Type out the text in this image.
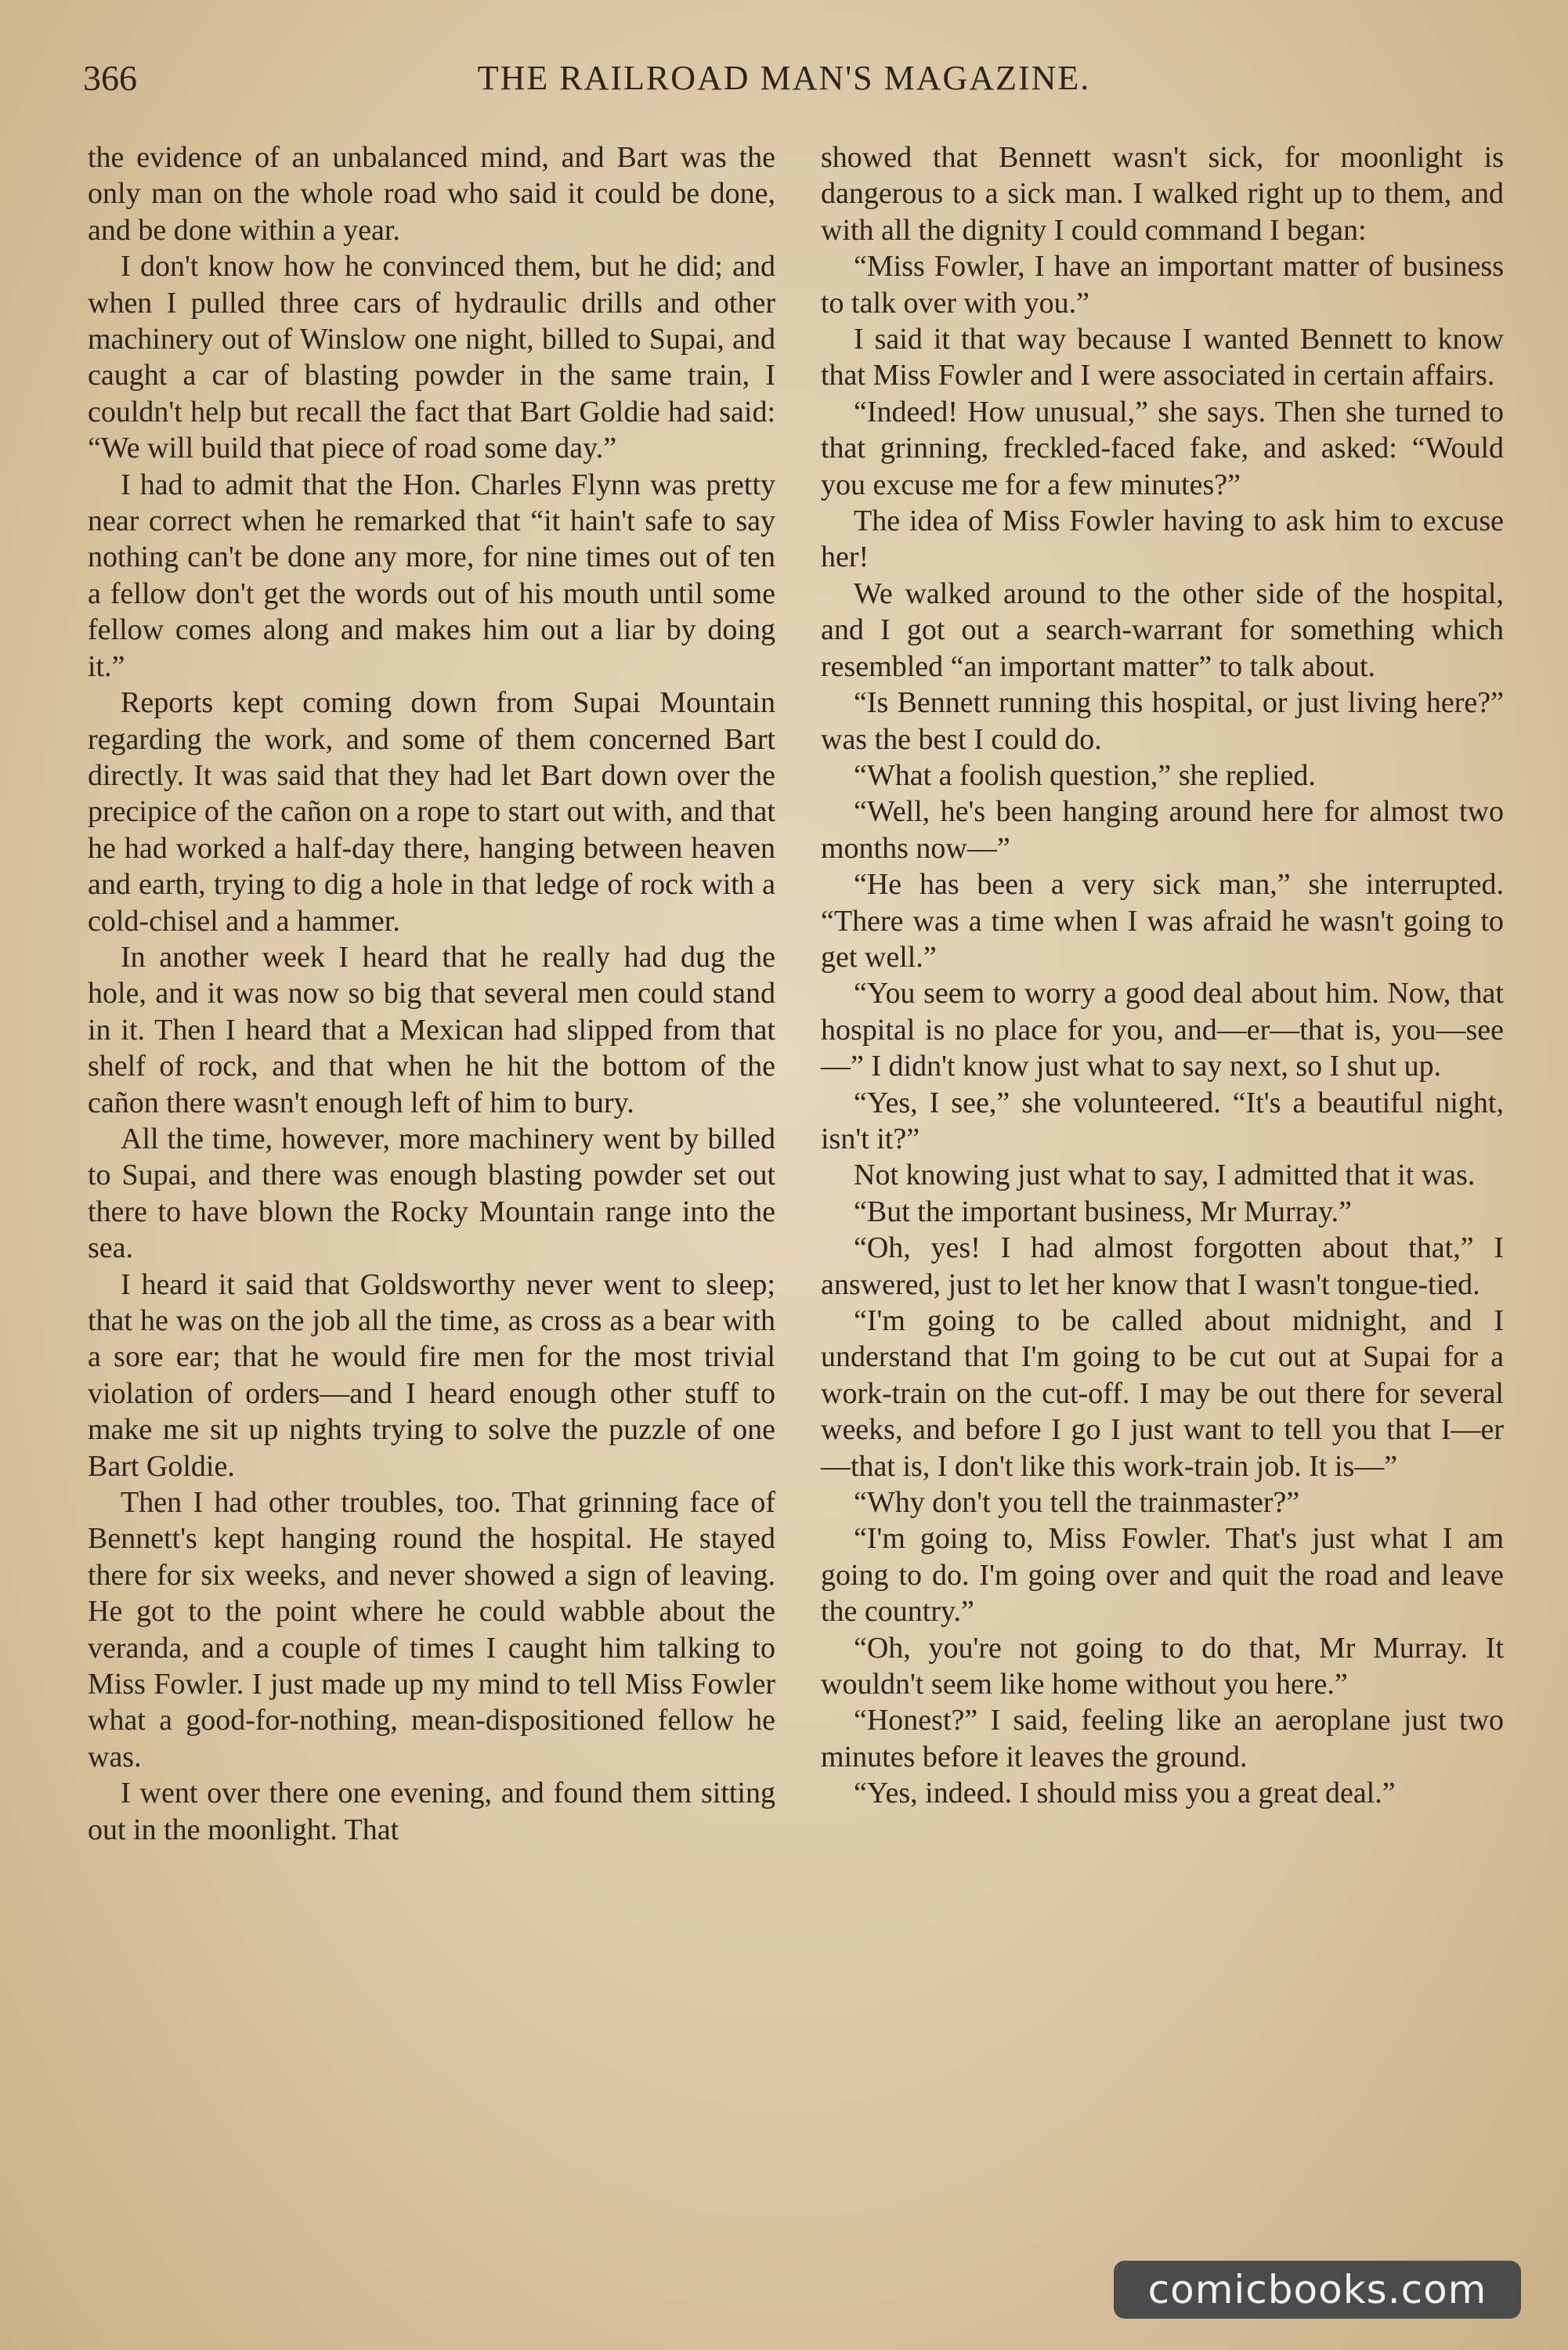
366	THE RAILROAD MAN'S MAGAZINE.

the evidence of an unbalanced mind, and Bart was the only man on the whole road who said it could be done, and be done within a year.

I don't know how he convinced them, but he did; and when I pulled three cars of hydraulic drills and other machinery out of Winslow one night, billed to Supai, and caught a car of blasting powder in the same train, I couldn't help but recall the fact that Bart Goldie had said: “We will build that piece of road some day.”

I had to admit that the Hon. Charles Flynn was pretty near correct when he remarked that “it hain't safe to say nothing can't be done any more, for nine times out of ten a fellow don't get the words out of his mouth until some fellow comes along and makes him out a liar by doing it.”

Reports kept coming down from Supai Mountain regarding the work, and some of them concerned Bart directly. It was said that they had let Bart down over the precipice of the cañon on a rope to start out with, and that he had worked a half-day there, hanging between heaven and earth, trying to dig a hole in that ledge of rock with a cold-chisel and a hammer.

In another week I heard that he really had dug the hole, and it was now so big that several men could stand in it. Then I heard that a Mexican had slipped from that shelf of rock, and that when he hit the bottom of the cañon there wasn't enough left of him to bury.

All the time, however, more machinery went by billed to Supai, and there was enough blasting powder set out there to have blown the Rocky Mountain range into the sea.

I heard it said that Goldsworthy never went to sleep; that he was on the job all the time, as cross as a bear with a sore ear; that he would fire men for the most trivial violation of orders—and I heard enough other stuff to make me sit up nights trying to solve the puzzle of one Bart Goldie.

Then I had other troubles, too. That grinning face of Bennett's kept hanging round the hospital. He stayed there for six weeks, and never showed a sign of leaving. He got to the point where he could wabble about the veranda, and a couple of times I caught him talking to Miss Fowler. I just made up my mind to tell Miss Fowler what a good-for-nothing, mean-dispositioned fellow he was.

I went over there one evening, and found them sitting out in the moonlight. That

showed that Bennett wasn't sick, for moonlight is dangerous to a sick man. I walked right up to them, and with all the dignity I could command I began:

“Miss Fowler, I have an important matter of business to talk over with you.”

I said it that way because I wanted Bennett to know that Miss Fowler and I were associated in certain affairs.

“Indeed! How unusual,” she says. Then she turned to that grinning, freckled-faced fake, and asked: “Would you excuse me for a few minutes?”

The idea of Miss Fowler having to ask him to excuse her!

We walked around to the other side of the hospital, and I got out a search-warrant for something which resembled “an important matter” to talk about.

“Is Bennett running this hospital, or just living here?” was the best I could do.

“What a foolish question,” she replied.

“Well, he's been hanging around here for almost two months now—”

“He has been a very sick man,” she interrupted. “There was a time when I was afraid he wasn't going to get well.”

“You seem to worry a good deal about him. Now, that hospital is no place for you, and—er—that is, you—see—” I didn't know just what to say next, so I shut up.

“Yes, I see,” she volunteered. “It's a beautiful night, isn't it?”

Not knowing just what to say, I admitted that it was.

“But the important business, Mr Murray.”

“Oh, yes! I had almost forgotten about that,” I answered, just to let her know that I wasn't tongue-tied.

“I'm going to be called about midnight, and I understand that I'm going to be cut out at Supai for a work-train on the cut-off. I may be out there for several weeks, and before I go I just want to tell you that I—er—that is, I don't like this work-train job. It is—”

“Why don't you tell the trainmaster?”

“I'm going to, Miss Fowler. That's just what I am going to do. I'm going over and quit the road and leave the country.”

“Oh, you're not going to do that, Mr Murray. It wouldn't seem like home without you here.”

“Honest?” I said, feeling like an aeroplane just two minutes before it leaves the ground.

“Yes, indeed. I should miss you a great deal.”

comicbooks.com
